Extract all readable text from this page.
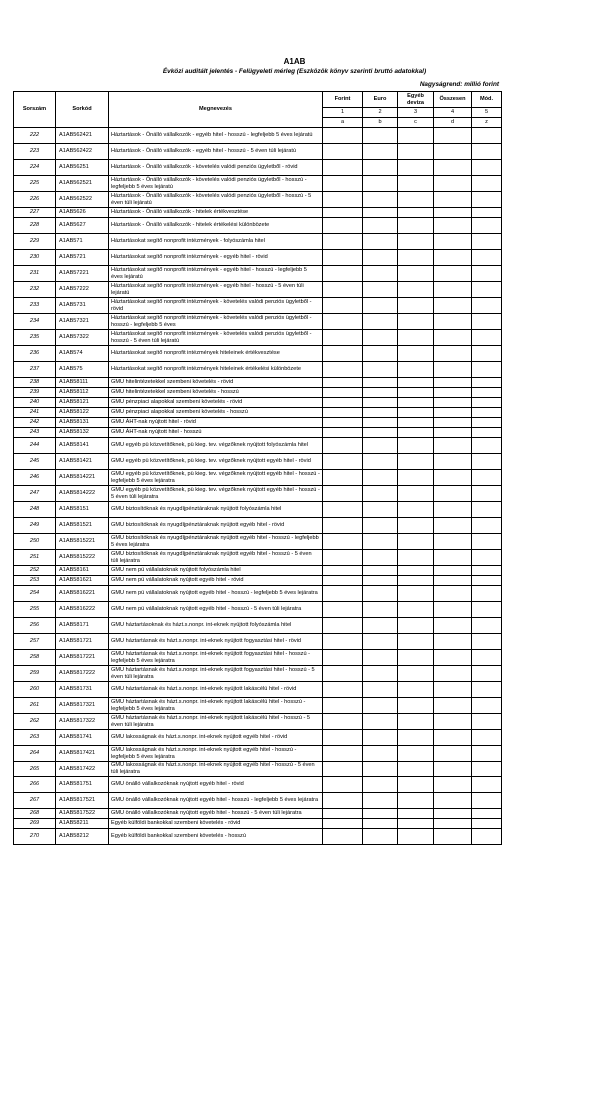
A1AB
Évközi auditált jelentés - Felügyeleti mérleg (Eszközök könyv szerinti bruttó adatokkal)
Nagyságrend: millió forint
Sorszám	Sorkód	Megnevezés	Forint	Euro	Egyéb deviza	Összesen	Mód.
			1	2	3	4	5
			a	b	c	d	z
222	A1AB562421	Háztartások - Önálló vállalkozók - egyéb hitel - hosszú - legfeljebb 5 éves lejáratú					
223	A1AB562422	Háztartások - Önálló vállalkozók - egyéb hitel - hosszú - 5 éven túli lejáratú					
224	A1AB56251	Háztartások - Önálló vállalkozók - követelés valódi penziós ügyletből - rövid					
225	A1AB562521	Háztartások - Önálló vállalkozók - követelés valódi penziós ügyletből - hosszú - legfeljebb 5 éves lejáratú					
226	A1AB562522	Háztartások - Önálló vállalkozók - követelés valódi penziós ügyletből - hosszú - 5 éven túli lejáratú					
227	A1AB5626	Háztartások - Önálló vállalkozók - hitelek értékvesztése					
228	A1AB5627	Háztartások - Önálló vállalkozók - hitelek értékelési különbözete					
229	A1AB571	Háztartásokat segítő nonprofit intézmények - folyószámla hitel					
230	A1AB5721	Háztartásokat segítő nonprofit intézmények - egyéb hitel - rövid					
231	A1AB57221	Háztartásokat segítő nonprofit intézmények - egyéb hitel - hosszú - legfeljebb 5 éves lejáratú					
232	A1AB57222	Háztartásokat segítő nonprofit intézmények - egyéb hitel - hosszú - 5 éven túli lejáratú					
233	A1AB5731	Háztartásokat segítő nonprofit intézmények - követelés valódi penziós ügyletből - rövid					
234	A1AB57321	Háztartásokat segítő nonprofit intézmények - követelés valódi penziós ügyletből - hosszú - legfeljebb 5 éves					
235	A1AB57322	Háztartásokat segítő nonprofit intézmények - követelés valódi penziós ügyletből - hosszú - 5 éven túli lejáratú					
236	A1AB574	Háztartásokat segítő nonprofit intézmények hiteleinek értékvesztése					
237	A1AB575	Háztartásokat segítő nonprofit intézmények hiteleinek értékelési különbözete					
238	A1AB58111	GMU hitelintézetekkel szembeni követelés - rövid					
239	A1AB58112	GMU hitelintézetekkel szembeni követelés - hosszú					
240	A1AB58121	GMU pénzpiaci alapokkal szembeni követelés - rövid					
241	A1AB58122	GMU pénzpiaci alapokkal szembeni követelés - hosszú					
242	A1AB58131	GMU ÁHT-nak nyújtott hitel - rövid					
243	A1AB58132	GMU ÁHT-nak nyújtott hitel - hosszú					
244	A1AB58141	GMU egyéb pü közvetítőknek, pü kieg. tev. végzőknek nyújtott folyószámla hitel					
245	A1AB581421	GMU egyéb pü közvetítőknek, pü kieg. tev. végzőknek nyújtott egyéb hitel - rövid					
246	A1AB5814221	GMU egyéb pü közvetítőknek, pü kieg. tev. végzőknek nyújtott egyéb hitel - hosszú - legfeljebb 5 éves lejáratra					
247	A1AB5814222	GMU egyéb pü közvetítőknek, pü kieg. tev. végzőknek nyújtott egyéb hitel - hosszú - 5 éven túli lejáratra					
248	A1AB58151	GMU biztosítóknak és nyugdíjpénztáraknak nyújtott folyószámla hitel					
249	A1AB581521	GMU biztosítóknak és nyugdíjpénztáraknak nyújtott egyéb hitel - rövid					
250	A1AB5815221	GMU biztosítóknak és nyugdíjpénztáraknak nyújtott egyéb hitel - hosszú - legfeljebb 5 éves lejáratra					
251	A1AB5815222	GMU biztosítóknak és nyugdíjpénztáraknak nyújtott egyéb hitel - hosszú - 5 éven túli lejáratra					
252	A1AB58161	GMU nem pü vállalatoknak nyújtott folyószámla hitel					
253	A1AB581621	GMU nem pü vállalatoknak nyújtott egyéb hitel - rövid					
254	A1AB5816221	GMU nem pü vállalatoknak nyújtott egyéb hitel - hosszú - legfeljebb 5 éves lejáratra					
255	A1AB5816222	GMU nem pü vállalatoknak nyújtott egyéb hitel - hosszú - 5 éven túli lejáratra					
256	A1AB58171	GMU háztartásoknak és házt.s.nonpr. int-eknek nyújtott folyószámla hitel					
257	A1AB581721	GMU háztartásnak és házt.s.nonpr. int-eknek nyújtott fogyasztási hitel - rövid					
258	A1AB5817221	GMU háztartásnak és házt.s.nonpr. int-eknek nyújtott fogyasztási hitel - hosszú - legfeljebb 5 éves lejáratra					
259	A1AB5817222	GMU háztartásnak és házt.s.nonpr. int-eknek nyújtott fogyasztási hitel - hosszú - 5 éven túli lejáratra					
260	A1AB581731	GMU háztartásnak és házt.s.nonpr. int-eknek nyújtott lakáscélú hitel - rövid					
261	A1AB5817321	GMU háztartásnak és házt.s.nonpr. int-eknek nyújtott lakáscélú hitel - hosszú - legfeljebb 5 éves lejáratra					
262	A1AB5817322	GMU háztartásnak és házt.s.nonpr. int-eknek nyújtott lakáscélú hitel - hosszú - 5 éven túli lejáratra					
263	A1AB581741	GMU lakosságnak és házt.s.nonpr. int-eknek nyújtott egyéb hitel - rövid					
264	A1AB5817421	GMU lakosságnak és házt.s.nonpr. int-eknek nyújtott egyéb hitel - hosszú - legfeljebb 5 éves lejáratra					
265	A1AB5817422	GMU lakosságnak és házt.s.nonpr. int-eknek nyújtott egyéb hitel - hosszú - 5 éven túli lejáratra					
266	A1AB581751	GMU önálló vállalkozóknak nyújtott egyéb hitel - rövid					
267	A1AB5817521	GMU önálló vállalkozóknak nyújtott egyéb hitel - hosszú - legfeljebb 5 éves lejáratra					
268	A1AB5817522	GMU önálló vállalkozóknak nyújtott egyéb hitel - hosszú - 5 éven túli lejáratra					
269	A1AB58211	Egyéb külföldi bankokkal szembeni követelés - rövid					
270	A1AB58212	Egyéb külföldi bankokkal szembeni követelés - hosszú					
